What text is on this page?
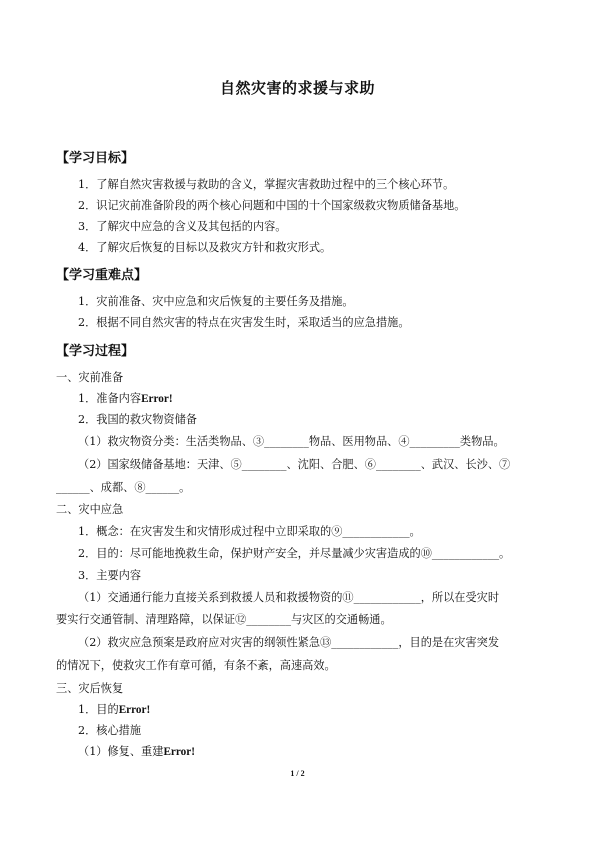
自然灾害的求援与求助
【学习目标】
1．了解自然灾害救援与救助的含义，掌握灾害救助过程中的三个核心环节。
2．识记灾前准备阶段的两个核心问题和中国的十个国家级救灾物质储备基地。
3．了解灾中应急的含义及其包括的内容。
4．了解灾后恢复的目标以及救灾方针和救灾形式。
【学习重难点】
1．灾前准备、灾中应急和灾后恢复的主要任务及措施。
2．根据不同自然灾害的特点在灾害发生时，采取适当的应急措施。
【学习过程】
一、灾前准备
1．准备内容Error!
2．我国的救灾物资储备
（1）救灾物资分类：生活类物品、③________物品、医用物品、④_________类物品。
（2）国家级储备基地：天津、⑤________、沈阳、合肥、⑥________、武汉、长沙、⑦
______、成都、⑧______。
二、灾中应急
1．概念：在灾害发生和灾情形成过程中立即采取的⑨____________。
2．目的：尽可能地挽救生命，保护财产安全，并尽量减少灾害造成的⑩____________。
3．主要内容
（1）交通通行能力直接关系到救援人员和救援物资的⑪____________，所以在受灾时
要实行交通管制、清理路障，以保证⑫________与灾区的交通畅通。
（2）救灾应急预案是政府应对灾害的纲领性紧急⑬____________，目的是在灾害突发
的情况下，使救灾工作有章可循，有条不紊，高速高效。
三、灾后恢复
1．目的Error!
2．核心措施
（1）修复、重建Error!
1 / 2
